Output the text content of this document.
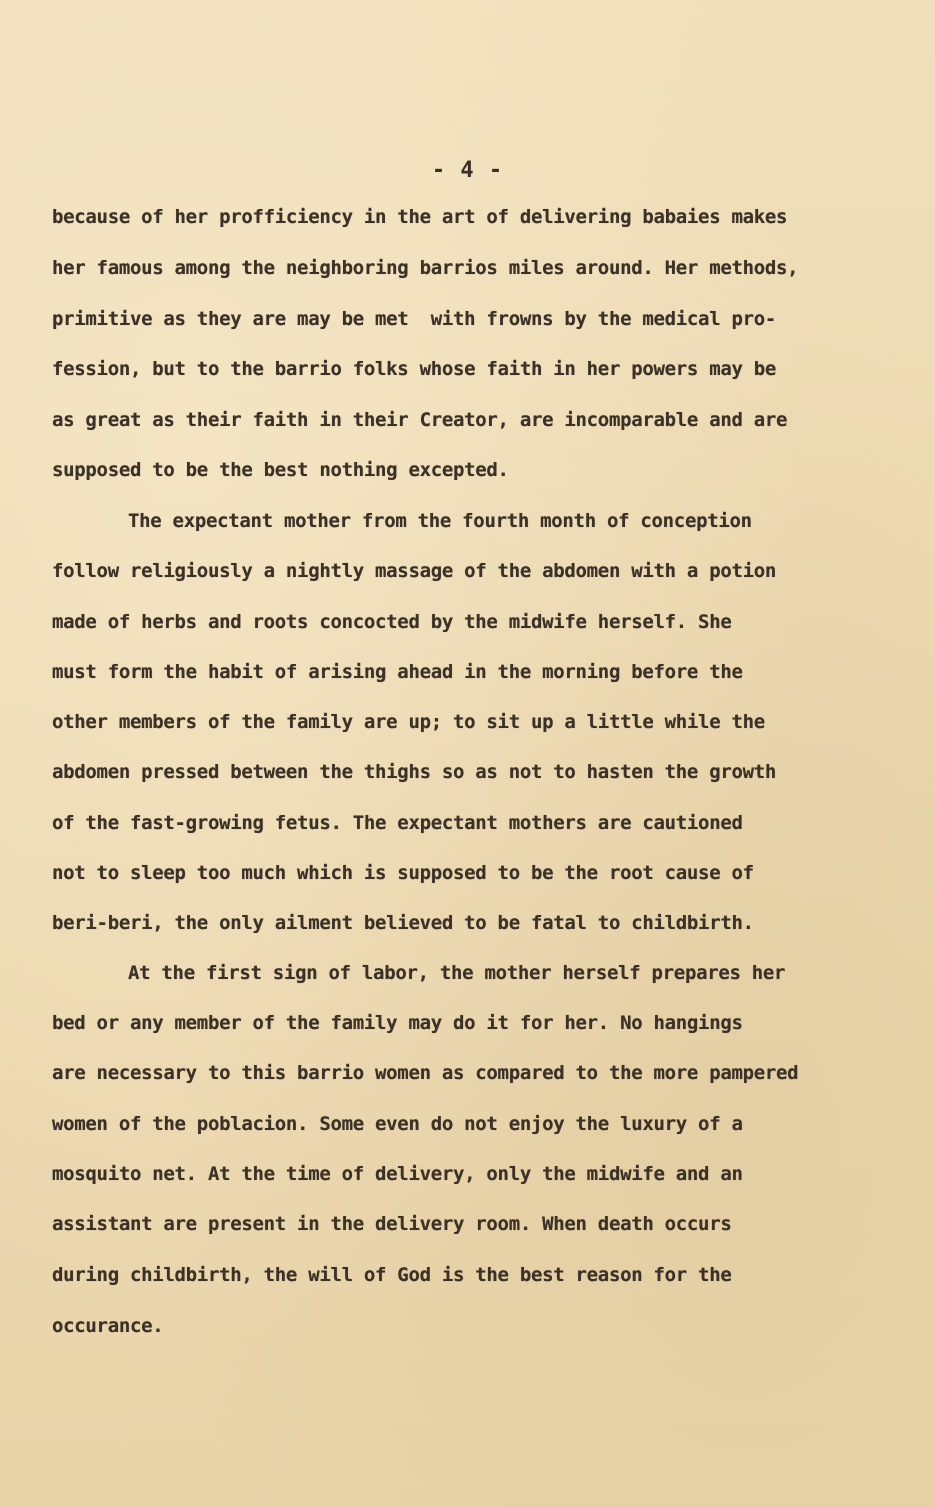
- 4 -
because of her profficiency in the art of delivering babaies makes
her famous among the neighboring barrios miles around. Her methods,
primitive as they are may be met  with frowns by the medical pro-
fession, but to the barrio folks whose faith in her powers may be
as great as their faith in their Creator, are incomparable and are
supposed to be the best nothing excepted.
The expectant mother from the fourth month of conception
follow religiously a nightly massage of the abdomen with a potion
made of herbs and roots concocted by the midwife herself. She
must form the habit of arising ahead in the morning before the
other members of the family are up; to sit up a little while the
abdomen pressed between the thighs so as not to hasten the growth
of the fast-growing fetus. The expectant mothers are cautioned
not to sleep too much which is supposed to be the root cause of
beri-beri, the only ailment believed to be fatal to childbirth.
At the first sign of labor, the mother herself prepares her
bed or any member of the family may do it for her. No hangings
are necessary to this barrio women as compared to the more pampered
women of the poblacion. Some even do not enjoy the luxury of a
mosquito net. At the time of delivery, only the midwife and an
assistant are present in the delivery room. When death occurs
during childbirth, the will of God is the best reason for the
occurance.
